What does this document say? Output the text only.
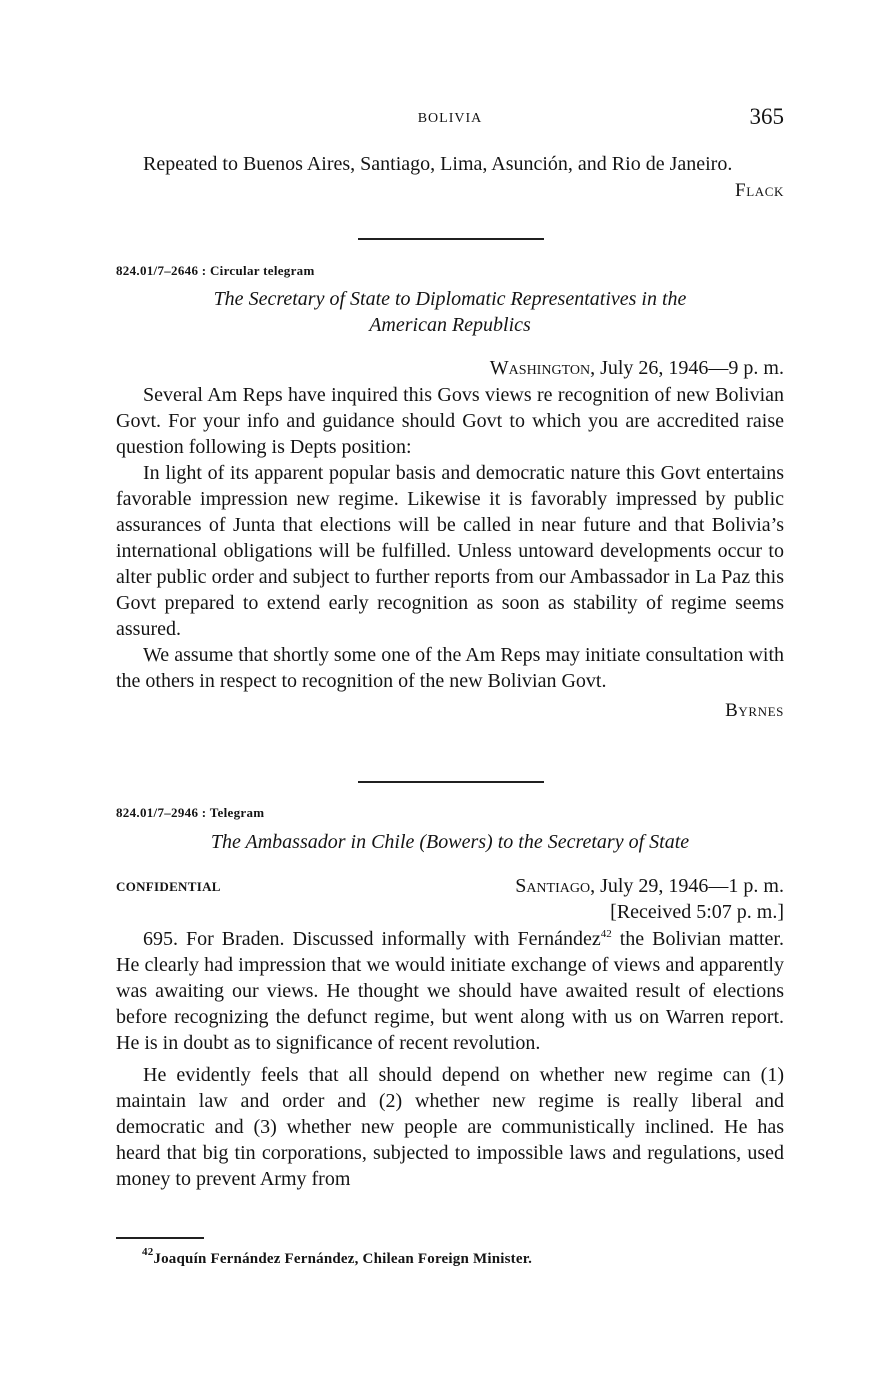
BOLIVIA	365

Repeated to Buenos Aires, Santiago, Lima, Asunción, and Rio de Janeiro.

Flack
824.01/7–2646 : Circular telegram
The Secretary of State to Diplomatic Representatives in the
American Republics
Washington, July 26, 1946—9 p. m.

Several Am Reps have inquired this Govs views re recognition of new Bolivian Govt. For your info and guidance should Govt to which you are accredited raise question following is Depts position:

In light of its apparent popular basis and democratic nature this Govt entertains favorable impression new regime. Likewise it is favorably impressed by public assurances of Junta that elections will be called in near future and that Bolivia’s international obligations will be fulfilled. Unless untoward developments occur to alter public order and subject to further reports from our Ambassador in La Paz this Govt prepared to extend early recognition as soon as stability of regime seems assured.

We assume that shortly some one of the Am Reps may initiate consultation with the others in respect to recognition of the new Bolivian Govt.

Byrnes
824.01/7–2946 : Telegram
The Ambassador in Chile (Bowers) to the Secretary of State
CONFIDENTIAL	Santiago, July 29, 1946—1 p. m.
[Received 5:07 p. m.]

695. For Braden. Discussed informally with Fernández$^{42}$ the Bolivian matter. He clearly had impression that we would initiate exchange of views and apparently was awaiting our views. He thought we should have awaited result of elections before recognizing the defunct regime, but went along with us on Warren report. He is in doubt as to significance of recent revolution.

He evidently feels that all should depend on whether new regime can (1) maintain law and order and (2) whether new regime is really liberal and democratic and (3) whether new people are communistically inclined. He has heard that big tin corporations, subjected to impossible laws and regulations, used money to prevent Army from

$^{42}$Joaquín Fernández Fernández, Chilean Foreign Minister.
